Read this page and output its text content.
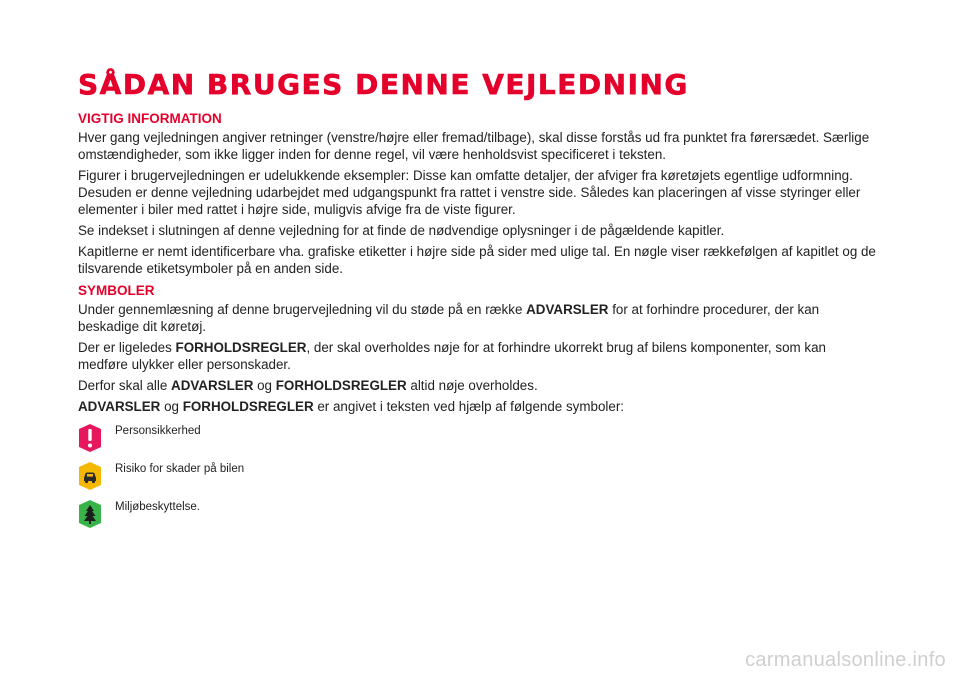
SÅDAN BRUGES DENNE VEJLEDNING
VIGTIG INFORMATION

Hver gang vejledningen angiver retninger (venstre/højre eller fremad/tilbage), skal disse forstås ud fra punktet fra førersædet. Særlige omstændigheder, som ikke ligger inden for denne regel, vil være henholdsvist specificeret i teksten.

Figurer i brugervejledningen er udelukkende eksempler: Disse kan omfatte detaljer, der afviger fra køretøjets egentlige udformning. Desuden er denne vejledning udarbejdet med udgangspunkt fra rattet i venstre side. Således kan placeringen af visse styringer eller elementer i biler med rattet i højre side, muligvis afvige fra de viste figurer.

Se indekset i slutningen af denne vejledning for at finde de nødvendige oplysninger i de pågældende kapitler.

Kapitlerne er nemt identificerbare vha. grafiske etiketter i højre side på sider med ulige tal. En nøgle viser rækkefølgen af kapitlet og de tilsvarende etiketsymboler på en anden side.

SYMBOLER

Under gennemlæsning af denne brugervejledning vil du støde på en række ADVARSLER for at forhindre procedurer, der kan beskadige dit køretøj.

Der er ligeledes FORHOLDSREGLER, der skal overholdes nøje for at forhindre ukorrekt brug af bilens komponenter, som kan medføre ulykker eller personskader.

Derfor skal alle ADVARSLER og FORHOLDSREGLER altid nøje overholdes.

ADVARSLER og FORHOLDSREGLER er angivet i teksten ved hjælp af følgende symboler:

Personsikkerhed
Risiko for skader på bilen
Miljøbeskyttelse.
carmanualsonline.info
